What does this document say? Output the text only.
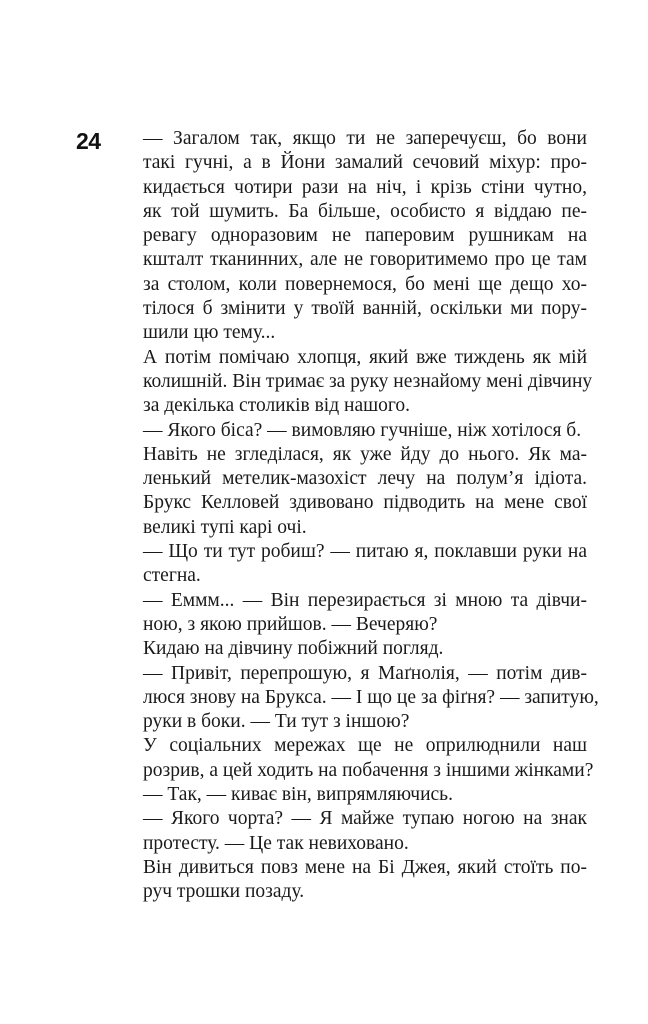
24 — Загалом так, якщо ти не заперечуєш, бо вони
такі гучні, а в Йони замалий сечовий міхур: про-
кидається чотири рази на ніч, і крізь стіни чутно,
як той шумить. Ба більше, особисто я віддаю пе-
ревагу одноразовим не паперовим рушникам на
кшталт тканинних, але не говоритимемо про це там
за столом, коли повернемося, бо мені ще дещо хо-
тілося б змінити у твоїй ванній, оскільки ми пору-
шили цю тему...
А потім помічаю хлопця, який вже тиждень як мій
колишній. Він тримає за руку незнайому мені дівчину
за декілька столиків від нашого.
— Якого біса? — вимовляю гучніше, ніж хотілося б.
Навіть не згледілася, як уже йду до нього. Як ма-
ленький метелик-мазохіст лечу на полум’я ідіота.
Брукс Келловей здивовано підводить на мене свої
великі тупі карі очі.
— Що ти тут робиш? — питаю я, поклавши руки на
стегна.
— Еммм... — Він перезирається зі мною та дівчи-
ною, з якою прийшов. — Вечеряю?
Кидаю на дівчину побіжний погляд.
— Привіт, перепрошую, я Маґнолія, — потім див-
люся знову на Брукса. — І що це за фіґня? — запитую,
руки в боки. — Ти тут з іншою?
У соціальних мережах ще не оприлюднили наш
розрив, а цей ходить на побачення з іншими жінками?
— Так, — киває він, випрямляючись.
— Якого чорта? — Я майже тупаю ногою на знак
протесту. — Це так невиховано.
Він дивиться повз мене на Бі Джея, який стоїть по-
руч трошки позаду.
